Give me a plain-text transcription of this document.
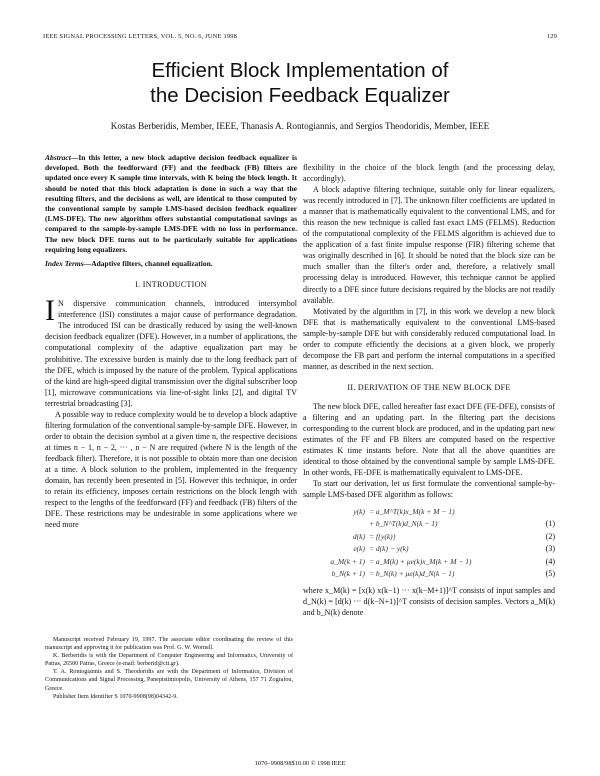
IEEE SIGNAL PROCESSING LETTERS, VOL. 5, NO. 6, JUNE 1998	129
Efficient Block Implementation of
the Decision Feedback Equalizer
Kostas Berberidis, Member, IEEE, Thanasis A. Rontogiannis, and Sergios Theodoridis, Member, IEEE

Abstract—In this letter, a new block adaptive decision feedback equalizer is developed. Both the feedforward (FF) and the feedback (FB) filters are updated once every K sample time intervals, with K being the block length. It should be noted that this block adaptation is done in such a way that the resulting filters, and the decisions as well, are identical to those computed by the conventional sample by sample LMS-based decision feedback equalizer (LMS-DFE). The new algorithm offers substantial computational savings as compared to the sample-by-sample LMS-DFE with no loss in performance. The new block DFE turns out to be particularly suitable for applications requiring long equalizers.

Index Terms—Adaptive filters, channel equalization.

I. INTRODUCTION

I N dispersive communication channels, introduced intersymbol interference (ISI) constitutes a major cause of performance degradation. The introduced ISI can be drastically reduced by using the well-known decision feedback equalizer (DFE). However, in a number of applications, the computational complexity of the adaptive equalization part may be prohibitive. The excessive burden is mainly due to the long feedback part of the DFE, which is imposed by the nature of the problem. Typical applications of the kind are high-speed digital transmission over the digital subscriber loop [1], microwave communications via line-of-sight links [2], and digital TV terrestrial broadcasting [3].

A possible way to reduce complexity would be to develop a block adaptive filtering formulation of the conventional sample-by-sample DFE. However, in order to obtain the decision symbol at a given time n, the respective decisions at times n − 1, n − 2, ··· , n − N are required (where N is the length of the feedback filter). Therefore, it is not possible to obtain more than one decision at a time. A block solution to the problem, implemented in the frequency domain, has recently been presented in [5]. However this technique, in order to retain its efficiency, imposes certain restrictions on the block length with respect to the lengths of the feedforward (FF) and feedback (FB) filters of the DFE. These restrictions may be undesirable in some applications where we need more

Manuscript received February 19, 1997. The associate editor coordinating the review of this manuscript and approving it for publication was Prof. G. W. Wornell.

K. Berberidis is with the Department of Computer Engineering and Informatics, University of Patras, 26500 Patras, Greece (e-mail: berberid@cti.gr).

T. A. Rontogiannis and S. Theodoridis are with the Department of Informatics, Division of Communications and Signal Processing, Panepistimiopolis, University of Athens, 157 71 Zografou, Greece.

Publisher Item Identifier S 1070-9908(98)04342-9.

flexibility in the choice of the block length (and the processing delay, accordingly).

A block adaptive filtering technique, suitable only for linear equalizers, was recently introduced in [7]. The unknown filter coefficients are updated in a manner that is mathematically equivalent to the conventional LMS, and for this reason the new technique is called fast exact LMS (FELMS). Reduction of the computational complexity of the FELMS algorithm is achieved due to the application of a fast finite impulse response (FIR) filtering scheme that was originally described in [6]. It should be noted that the block size can be much smaller than the filter's order and, therefore, a relatively small processing delay is introduced. However, this technique cannot be applied directly to a DFE since future decisions required by the blocks are not readily available.

Motivated by the algorithm in [7], in this work we develop a new block DFE that is mathematically equivalent to the conventional LMS-based sample-by-sample DFE but with considerably reduced computational load. In order to compute efficiently the decisions at a given block, we properly decompose the FB part and perform the internal computations in a specified manner, as described in the next section.

II. DERIVATION OF THE NEW BLOCK DFE

The new block DFE, called hereafter fast exact DFE (FE-DFE), consists of a filtering and an updating part. In the filtering part the decisions corresponding to the current block are produced, and in the updating part new estimates of the FF and FB filters are computed based on the respective estimates K time instants before. Note that all the above quantities are identical to those obtained by the conventional sample by sample LMS-DFE. In other words, FE-DFE is mathematically equivalent to LMS-DFE.

To start our derivation, let us first formulate the conventional sample-by-sample LMS-based DFE algorithm as follows:

y(k) = a_M^T(k)x_M(k + M − 1)
+ b_N^T(k)d_N(k − 1)	(1)
d(k) = f{y(k)}	(2)
e(k) = d(k) − y(k)	(3)
a_M(k + 1) = a_M(k) + μe(k)x_M(k + M − 1)	(4)
b_N(k + 1) = b_N(k) + μe(k)d_N(k − 1)	(5)

where x_M(k) = [x(k) x(k−1) ··· x(k−M+1)]^T consists of input samples and d_N(k) = [d(k) ··· d(k−N+1)]^T consists of decision samples. Vectors a_M(k) and b_N(k) denote

1070–9908/98$10.00 © 1998 IEEE
